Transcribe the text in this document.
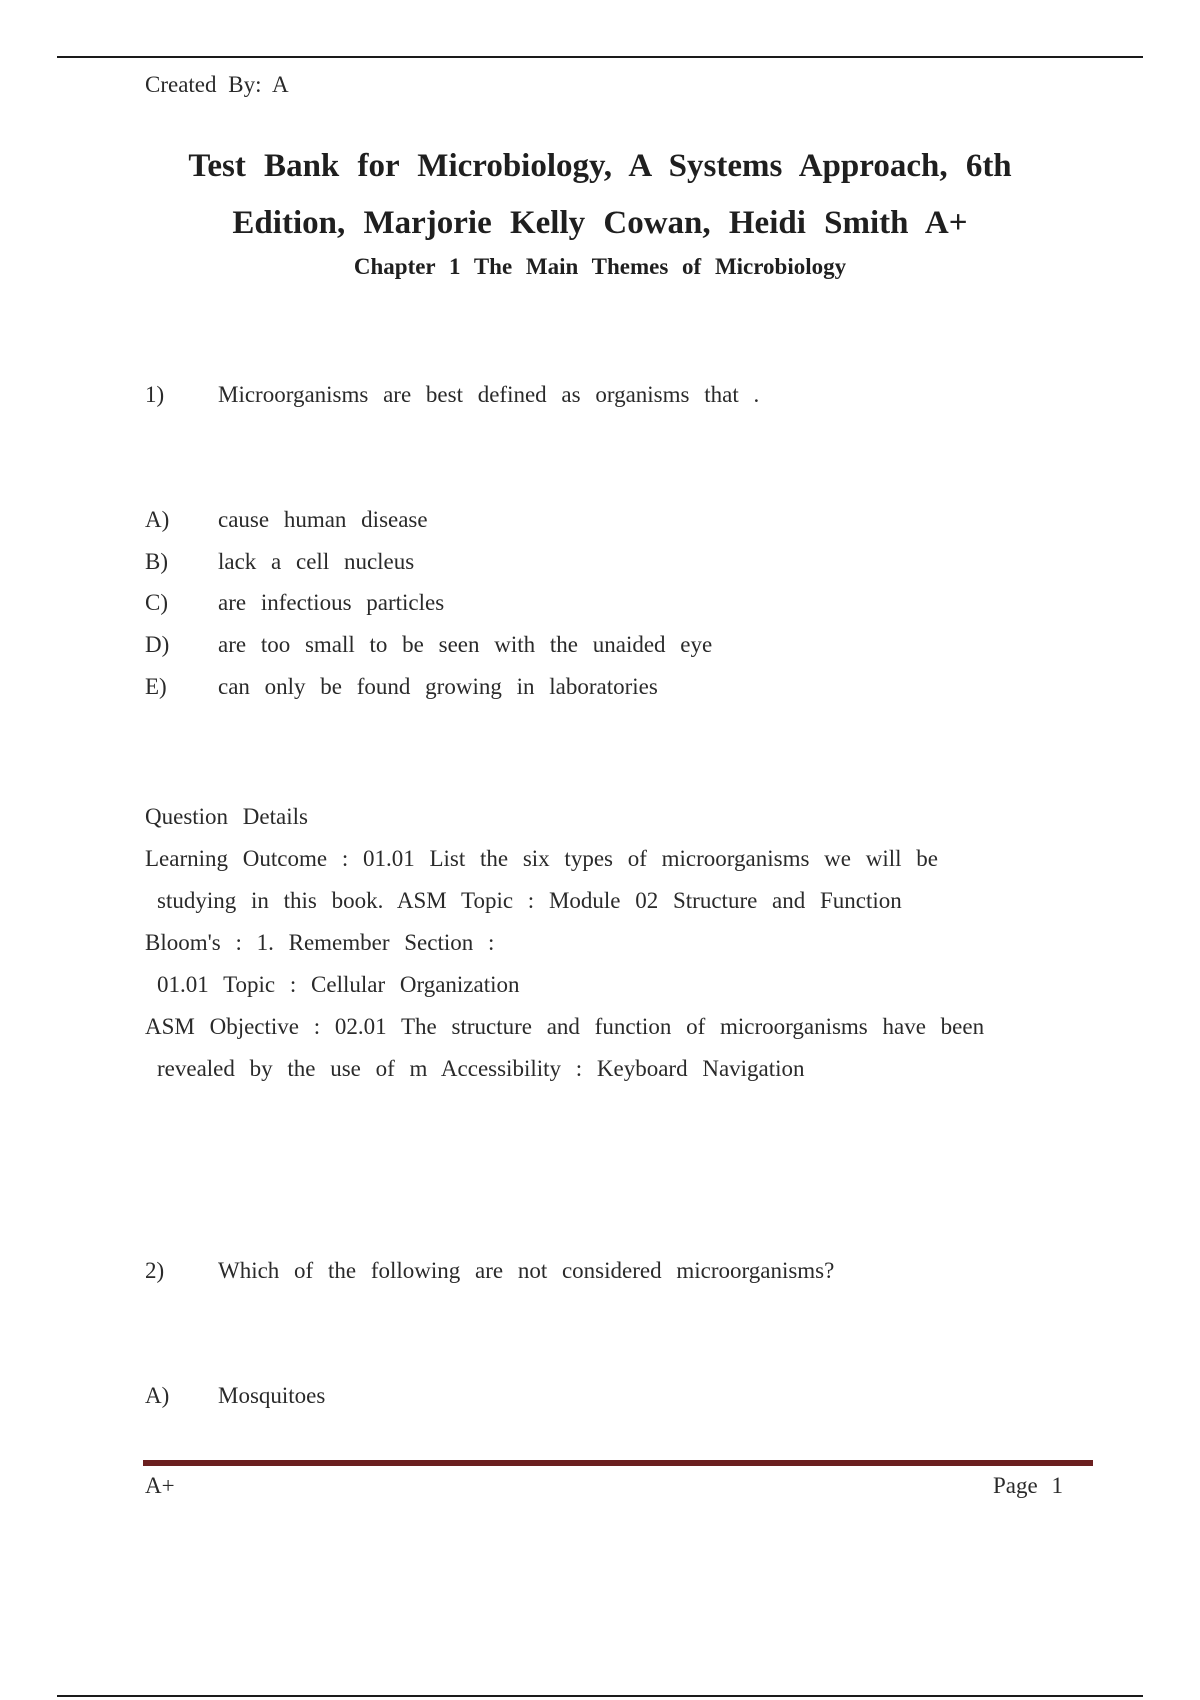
Created By: A
Test Bank for Microbiology, A Systems Approach, 6th
Edition, Marjorie Kelly Cowan, Heidi Smith A+
Chapter 1 The Main Themes of Microbiology
1) Microorganisms are best defined as organisms that .
A) cause human disease
B) lack a cell nucleus
C) are infectious particles
D) are too small to be seen with the unaided eye
E) can only be found growing in laboratories
Question Details
Learning Outcome : 01.01 List the six types of microorganisms we will be
studying in this book. ASM Topic : Module 02 Structure and Function
Bloom's : 1. Remember Section :
01.01 Topic : Cellular Organization
ASM Objective : 02.01 The structure and function of microorganisms have been
revealed by the use of m Accessibility : Keyboard Navigation
2) Which of the following are not considered microorganisms?
A) Mosquitoes
A+	Page 1
